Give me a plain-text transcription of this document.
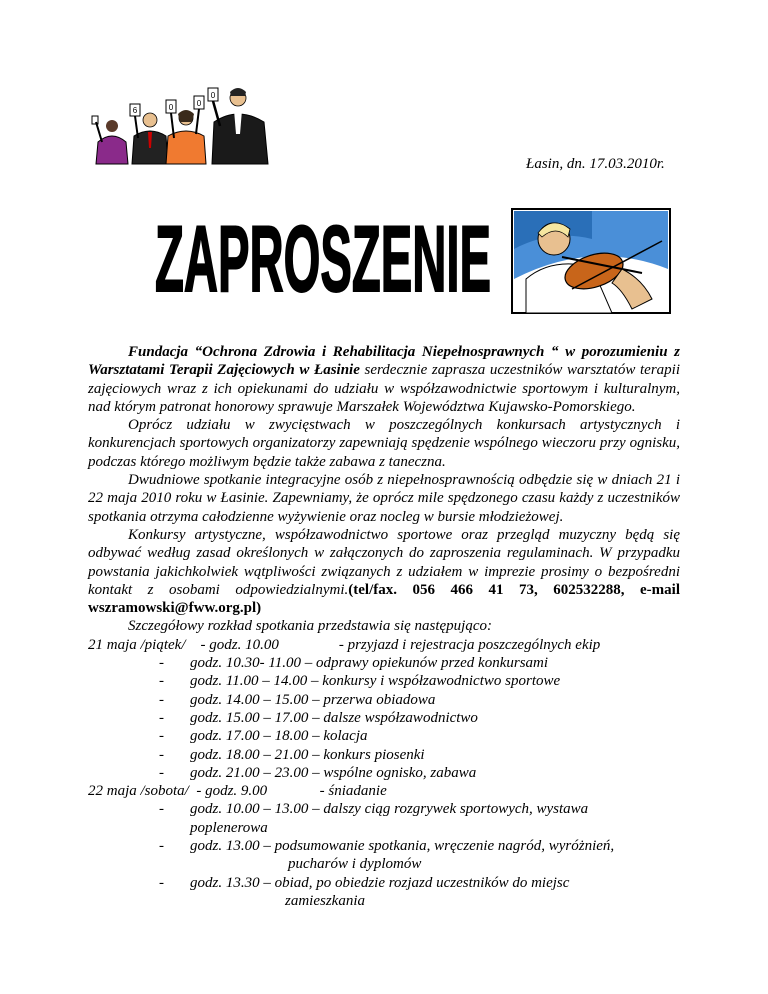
6	0	0
0
Łasin, dn. 17.03.2010r.
ZAPROSZENIE

Fundacja “Ochrona Zdrowia i Rehabilitacja Niepełnosprawnych “ w porozumieniu z Warsztatami Terapii Zajęciowych w Łasinie serdecznie zaprasza uczestników warsztatów terapii zajęciowych wraz z ich opiekunami do udziału w współzawodnictwie sportowym i kulturalnym, nad którym patronat honorowy sprawuje Marszałek Województwa Kujawsko-Pomorskiego.

Oprócz udziału w zwycięstwach w poszczególnych konkursach artystycznych i konkurencjach sportowych organizatorzy zapewniają spędzenie wspólnego wieczoru przy ognisku, podczas którego możliwym będzie także zabawa z taneczna.

Dwudniowe spotkanie integracyjne osób z niepełnosprawnością odbędzie się w dniach 21 i 22 maja 2010 roku w Łasinie. Zapewniamy, że oprócz mile spędzonego czasu każdy z uczestników spotkania otrzyma całodzienne wyżywienie oraz nocleg w bursie młodzieżowej.

Konkursy artystyczne, współzawodnictwo sportowe oraz przegląd muzyczny będą się odbywać według zasad określonych w załączonych do zaproszenia regulaminach. W przypadku powstania jakichkolwiek wątpliwości związanych z udziałem w imprezie prosimy o bezpośredni kontakt z osobami odpowiedzialnymi.(tel/fax. 056 466 41 73, 602532288, e-mail wszramowski@fww.org.pl)

Szczegółowy rozkład spotkania przedstawia się następująco:

21 maja /piątek/    - godz. 10.00                - przyjazd i rejestracja poszczególnych ekip

-	godz. 10.30- 11.00 – odprawy opiekunów przed konkursami

-	godz. 11.00 – 14.00 – konkursy i współzawodnictwo sportowe

-	godz. 14.00 – 15.00 – przerwa obiadowa

-	godz. 15.00 – 17.00 – dalsze współzawodnictwo

-	godz. 17.00 – 18.00 – kolacja

-	godz. 18.00 – 21.00 – konkurs piosenki

-	godz. 21.00 – 23.00 – wspólne ognisko, zabawa

22 maja /sobota/  - godz. 9.00              - śniadanie

-	godz. 10.00 – 13.00 – dalszy ciąg rozgrywek sportowych, wystawa

poplenerowa

-	godz. 13.00 – podsumowanie spotkania, wręczenie nagród, wyróżnień,

pucharów i dyplomów

-	godz. 13.30 – obiad, po obiedzie rozjazd uczestników do miejsc

zamieszkania
